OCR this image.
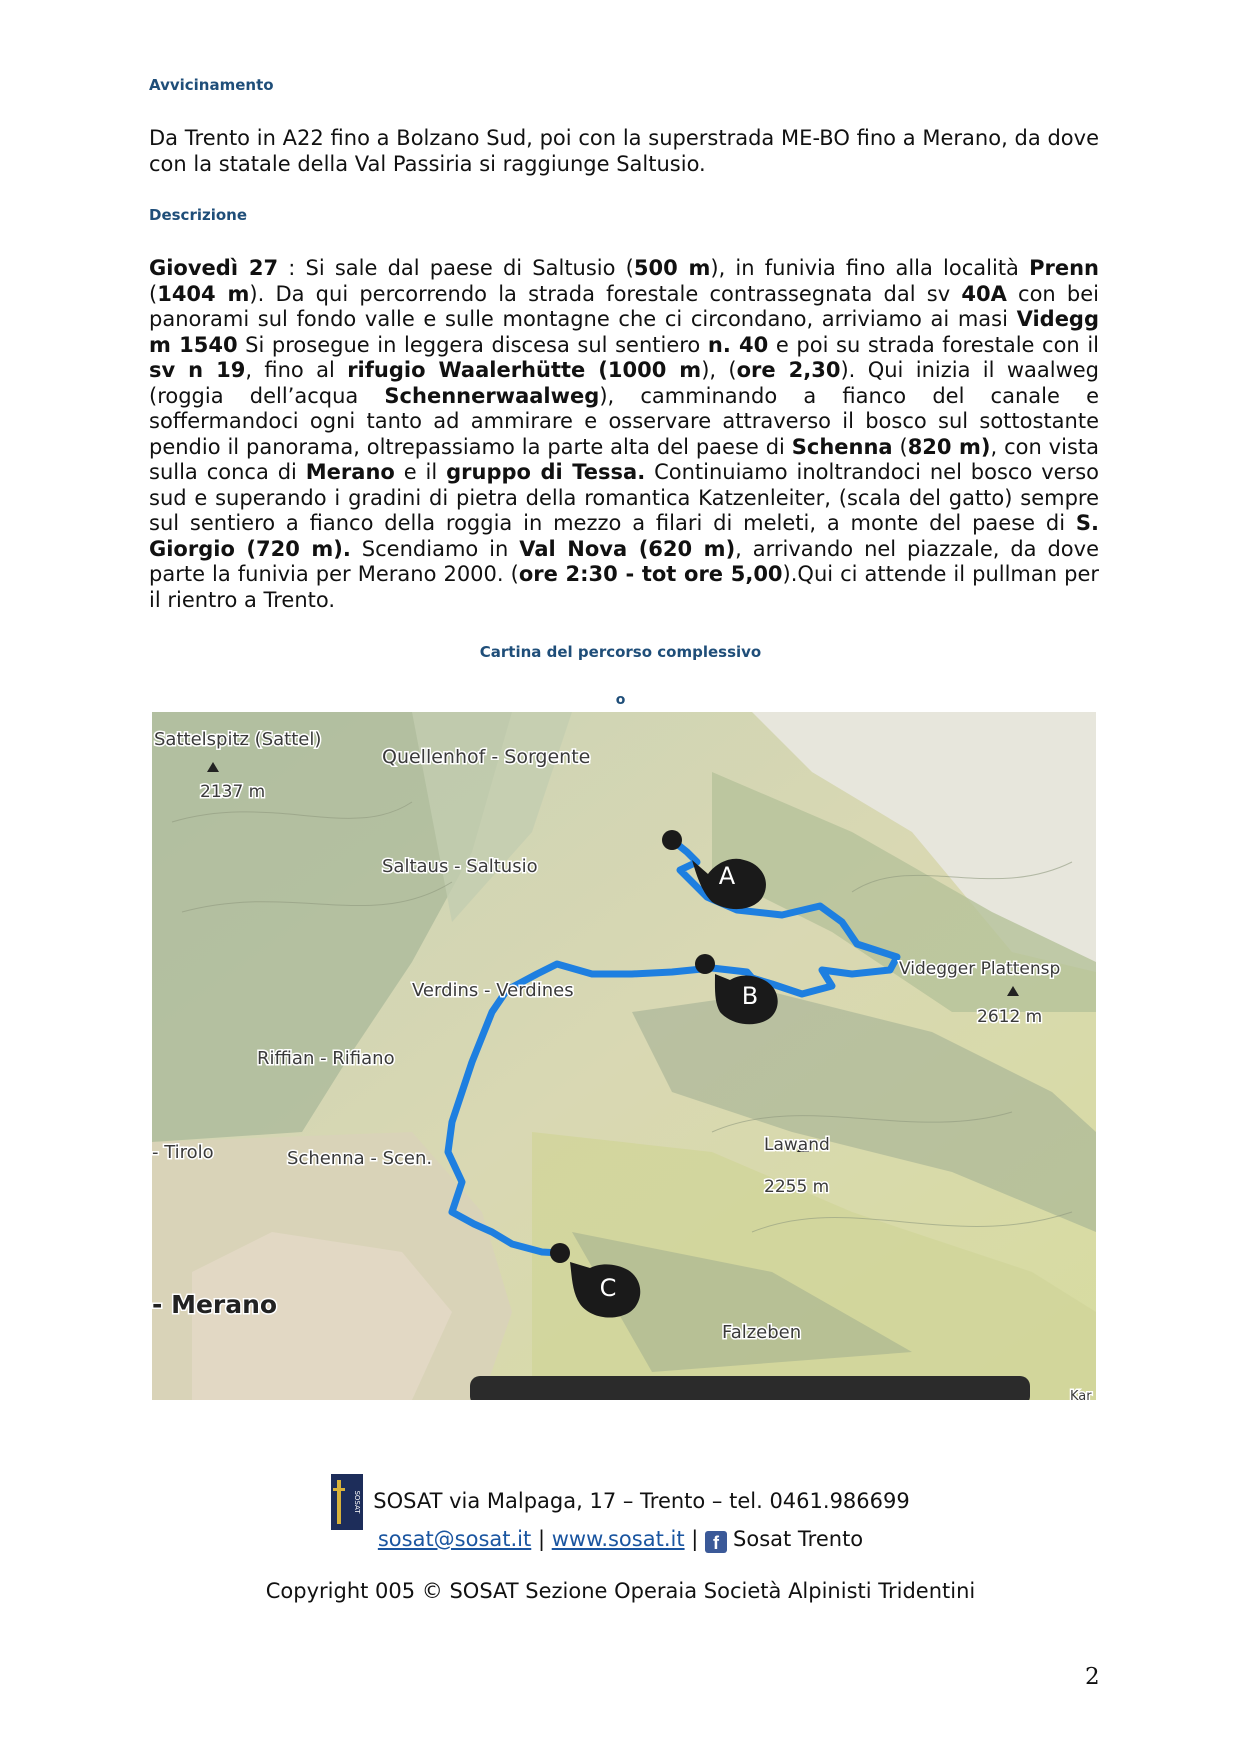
Avvicinamento
Da Trento in A22 fino a Bolzano Sud, poi con la superstrada ME-BO fino a Merano, da dove con la statale della Val Passiria si raggiunge Saltusio.
Descrizione
Giovedì 27 : Si sale dal paese di Saltusio (500 m), in funivia fino alla località Prenn (1404 m). Da qui percorrendo la strada forestale contrassegnata dal sv 40A con bei panorami sul fondo valle e sulle montagne che ci circondano, arriviamo ai masi Videgg m 1540 Si prosegue in leggera discesa sul sentiero n. 40 e poi su strada forestale con il sv n 19, fino al rifugio Waalerhütte (1000 m), (ore 2,30). Qui inizia il waalweg (roggia dell’acqua Schennerwaalweg), camminando a fianco del canale e soffermandoci ogni tanto ad ammirare e osservare attraverso il bosco sul sottostante pendio il panorama, oltrepassiamo la parte alta del paese di Schenna (820 m), con vista sulla conca di Merano e il gruppo di Tessa. Continuiamo inoltrandoci nel bosco verso sud e superando i gradini di pietra della romantica Katzenleiter, (scala del gatto) sempre sul sentiero a fianco della roggia in mezzo a filari di meleti, a monte del paese di S. Giorgio (720 m). Scendiamo in Val Nova (620 m), arrivando nel piazzale, da dove parte la funivia per Merano 2000. (ore 2:30 - tot ore 5,00).Qui ci attende il pullman per il rientro a Trento.
Cartina del percorso complessivo
o
A
B
C
Sattelspitz (Sattel)
2137 m
Quellenhof - Sorgente
Saltaus - Saltusio
Videgger Plattensp
2612 m
Verdins - Verdines
Riffian - Rifiano
- Tirolo	Schenna - Scen.
Lawand
2255 m
- Merano
Falzeben
Kar
SOSAT SOSAT via Malpaga, 17 – Trento – tel. 0461.986699
sosat@sosat.it | www.sosat.it | f Sosat Trento
Copyright 005 © SOSAT Sezione Operaia Società Alpinisti Tridentini
2
